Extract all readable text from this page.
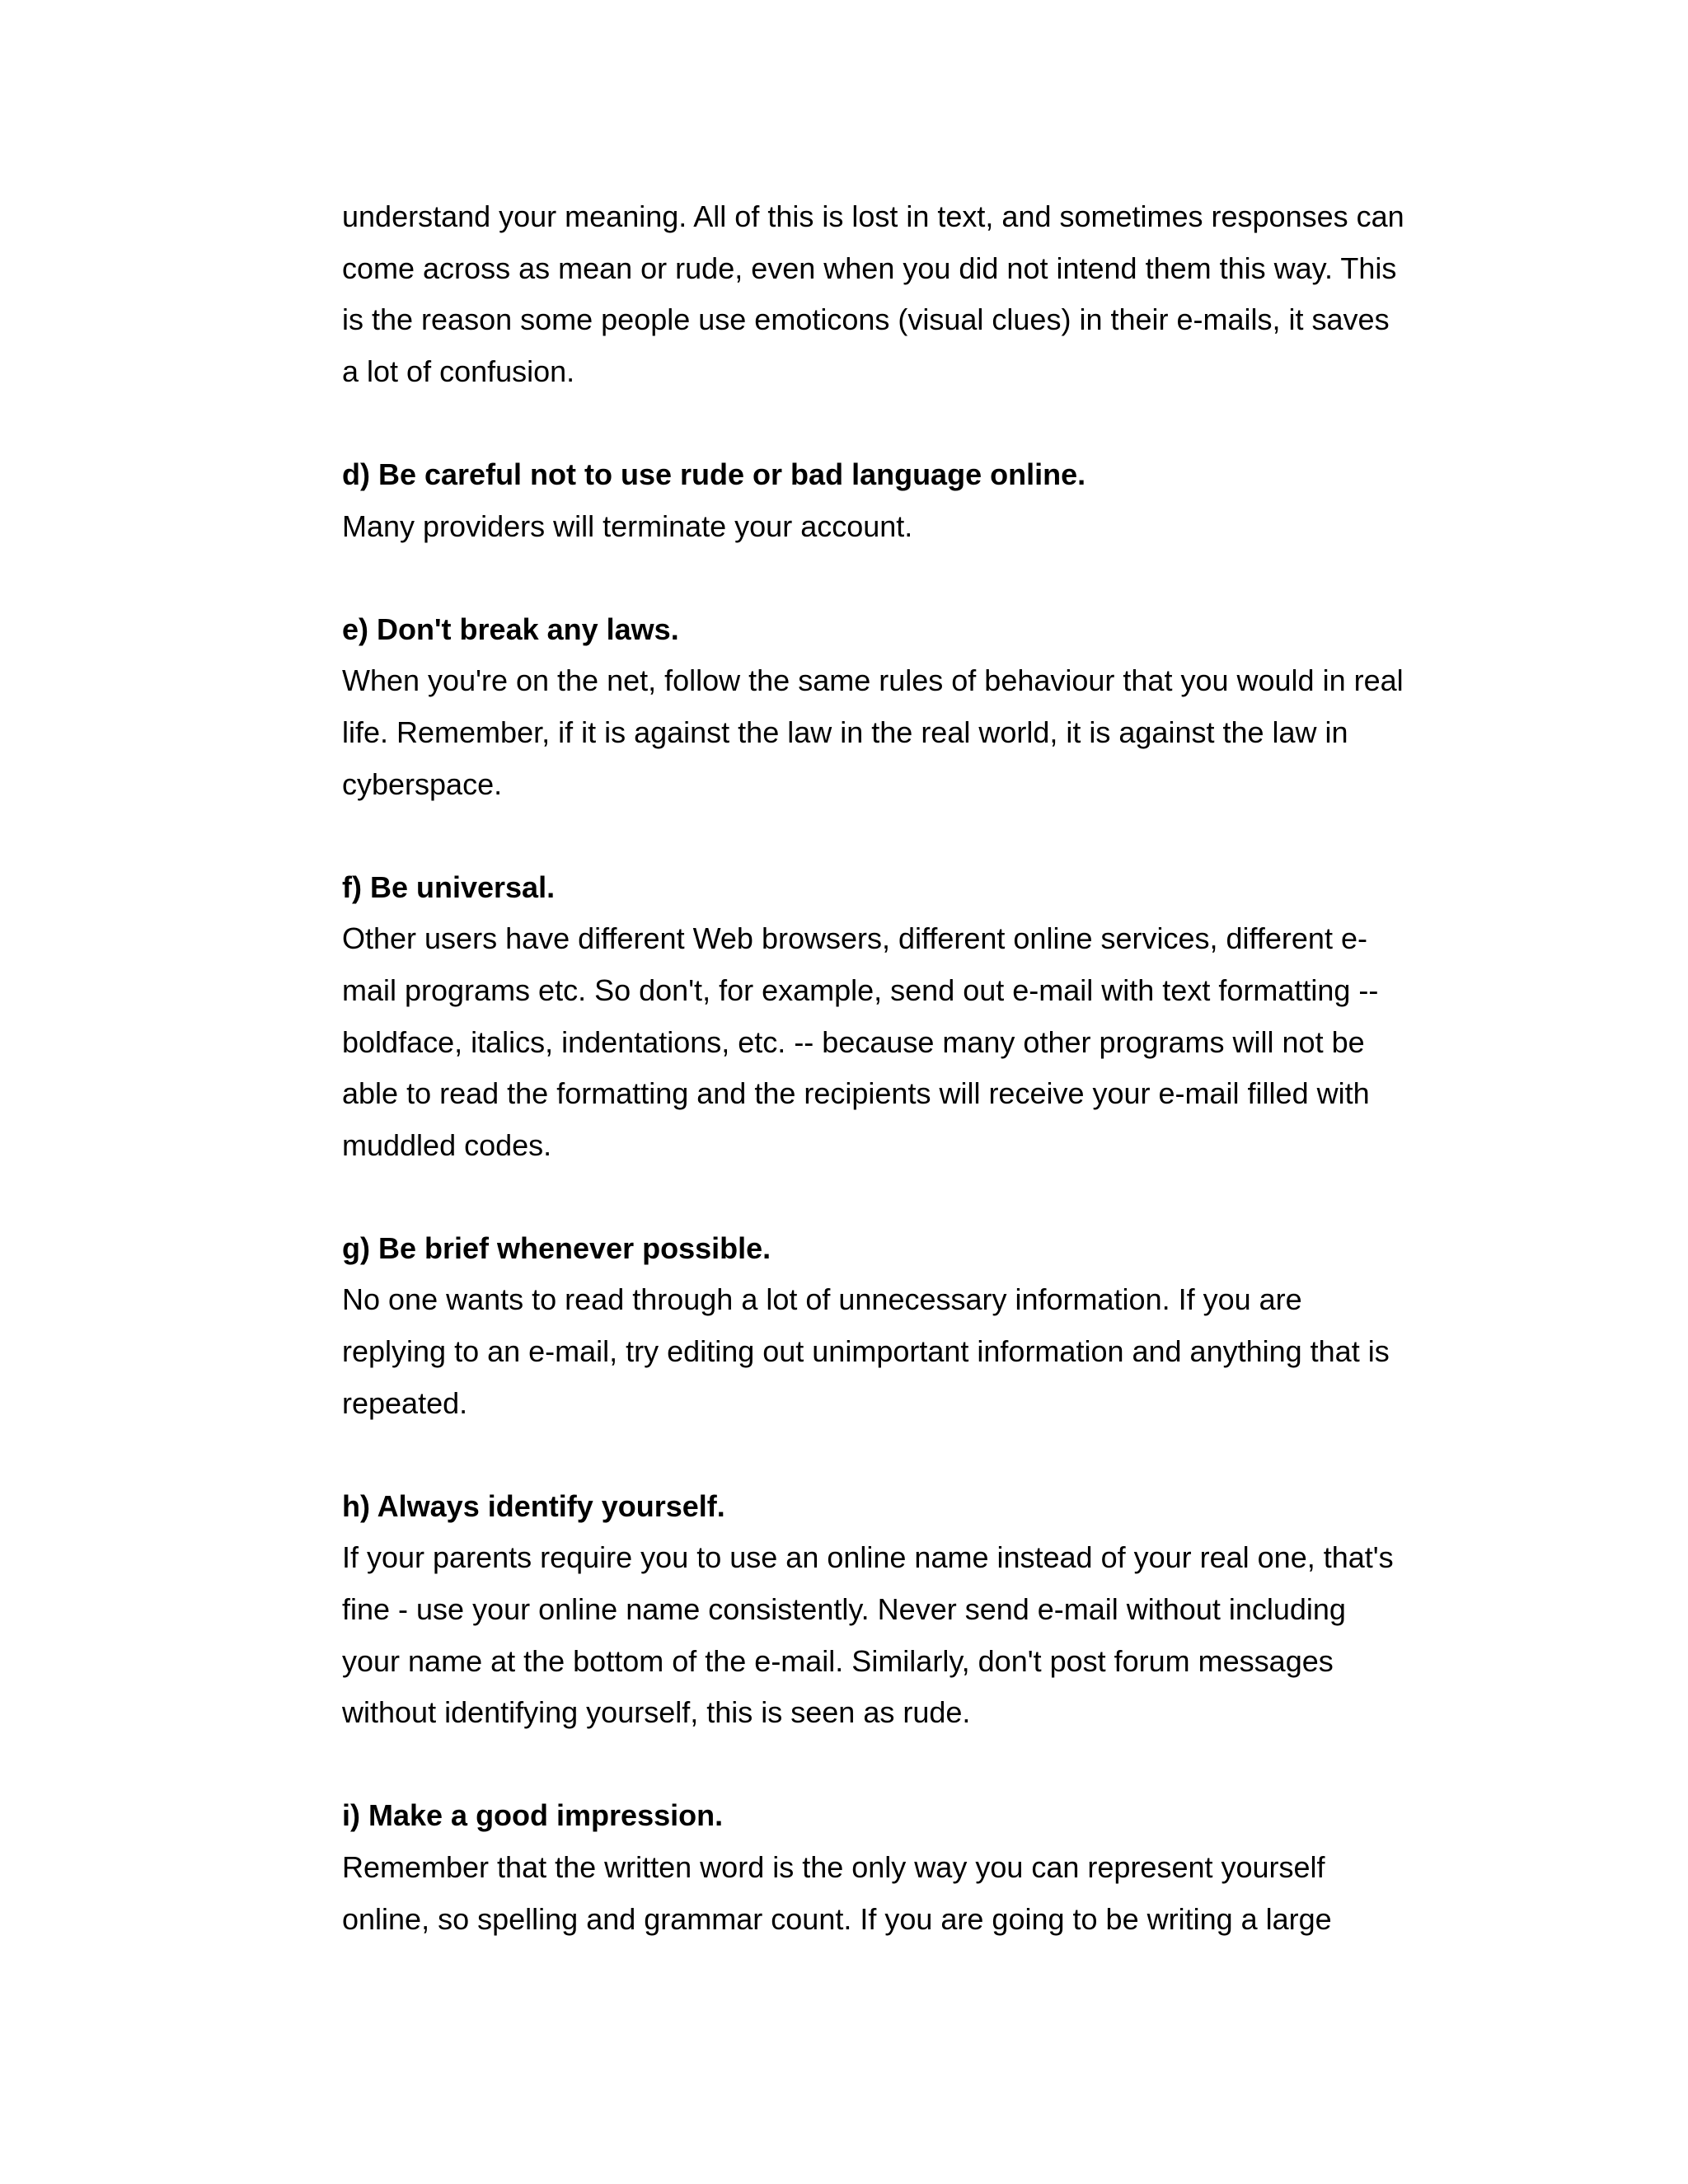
understand your meaning. All of this is lost in text, and sometimes responses can
come across as mean or rude, even when you did not intend them this way. This
is the reason some people use emoticons (visual clues) in their e-mails, it saves
a lot of confusion.

d) Be careful not to use rude or bad language online.
Many providers will terminate your account.

e) Don't break any laws.
When you're on the net, follow the same rules of behaviour that you would in real
life. Remember, if it is against the law in the real world, it is against the law in
cyberspace.

f) Be universal.
Other users have different Web browsers, different online services, different e-
mail programs etc. So don't, for example, send out e-mail with text formatting --
boldface, italics, indentations, etc. -- because many other programs will not be
able to read the formatting and the recipients will receive your e-mail filled with
muddled codes.

g) Be brief whenever possible.
No one wants to read through a lot of unnecessary information. If you are
replying to an e-mail, try editing out unimportant information and anything that is
repeated.

h) Always identify yourself.
If your parents require you to use an online name instead of your real one, that's
fine - use your online name consistently. Never send e-mail without including
your name at the bottom of the e-mail. Similarly, don't post forum messages
without identifying yourself, this is seen as rude.

i) Make a good impression.
Remember that the written word is the only way you can represent yourself
online, so spelling and grammar count. If you are going to be writing a large
